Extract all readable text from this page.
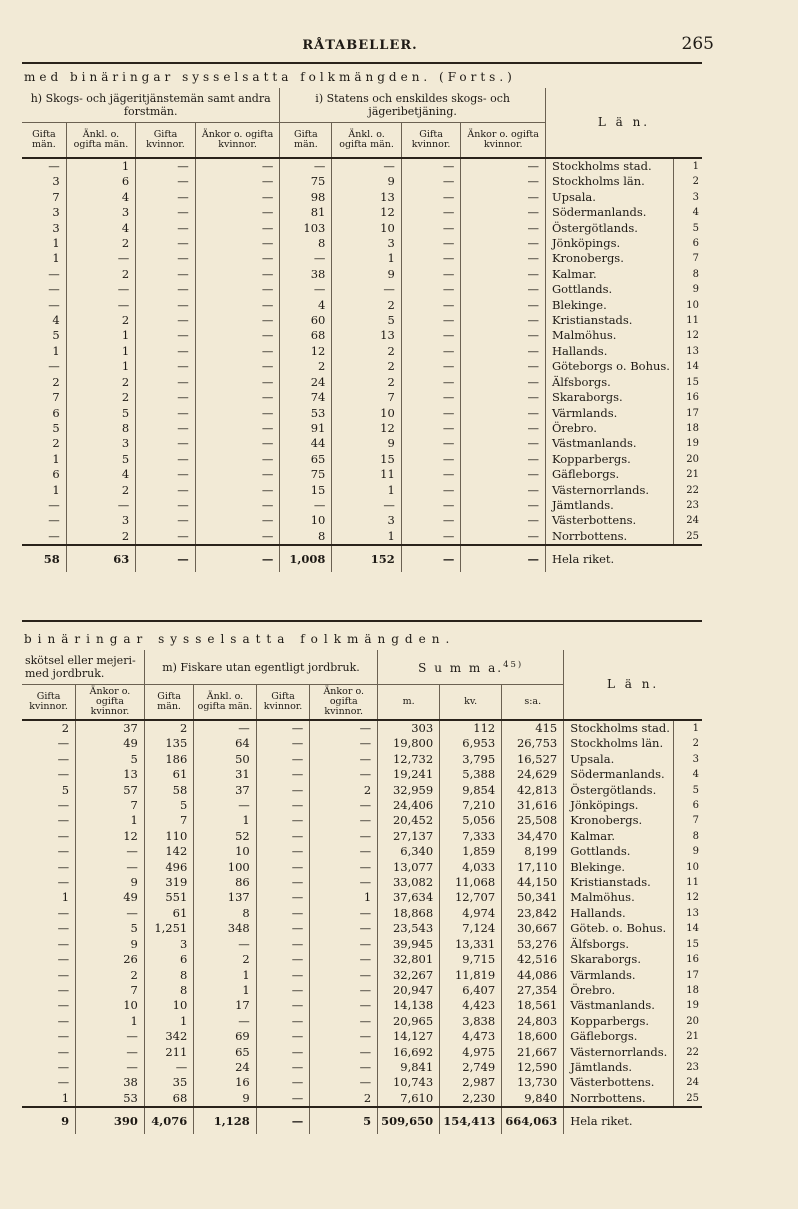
RÅTABELLER.	265
med binäringar sysselsatta folkmängden. (Forts.)
h) Skogs- och jägeritjänstemän samt andra forstmän.				i) Statens och enskildes skogs- och jägeribetjäning.				L ä n.	
Gifta män.	Änkl. o. ogifta män.	Gifta kvinnor.	Änkor o. ogifta kvinnor.	Gifta män.	Änkl. o. ogifta män.	Gifta kvinnor.	Änkor o. ogifta kvinnor.		
—	1	—	—	—	—	—	—	Stockholms stad.	1
3	6	—	—	75	9	—	—	Stockholms län.	2
7	4	—	—	98	13	—	—	Upsala.	3
3	3	—	—	81	12	—	—	Södermanlands.	4
3	4	—	—	103	10	—	—	Östergötlands.	5
1	2	—	—	8	3	—	—	Jönköpings.	6
1	—	—	—	—	1	—	—	Kronobergs.	7
—	2	—	—	38	9	—	—	Kalmar.	8
—	—	—	—	—	—	—	—	Gottlands.	9
—	—	—	—	4	2	—	—	Blekinge.	10
4	2	—	—	60	5	—	—	Kristianstads.	11
5	1	—	—	68	13	—	—	Malmöhus.	12
1	1	—	—	12	2	—	—	Hallands.	13
—	1	—	—	2	2	—	—	Göteborgs o. Bohus.	14
2	2	—	—	24	2	—	—	Älfsborgs.	15
7	2	—	—	74	7	—	—	Skaraborgs.	16
6	5	—	—	53	10	—	—	Värmlands.	17
5	8	—	—	91	12	—	—	Örebro.	18
2	3	—	—	44	9	—	—	Västmanlands.	19
1	5	—	—	65	15	—	—	Kopparbergs.	20
6	4	—	—	75	11	—	—	Gäfleborgs.	21
1	2	—	—	15	1	—	—	Västernorrlands.	22
—	—	—	—	—	—	—	—	Jämtlands.	23
—	3	—	—	10	3	—	—	Västerbottens.	24
—	2	—	—	8	1	—	—	Norrbottens.	25
58	63	—	—	1,008	152	—	—	Hela riket.	
binäringar sysselsatta folkmängden.
skötsel eller mejeri-med jordbruk.		m) Fiskare utan egentligt jordbruk.				S u m m a.$^{45)}$			L ä n.	
Gifta kvinnor.	Änkor o. ogifta kvinnor.	Gifta män.	Änkl. o. ogifta män.	Gifta kvinnor.	Änkor o. ogifta kvinnor.	m.	kv.	s:a.		
2	37	2	—	—	—	303	112	415	Stockholms stad.	1
—	49	135	64	—	—	19,800	6,953	26,753	Stockholms län.	2
—	5	186	50	—	—	12,732	3,795	16,527	Upsala.	3
—	13	61	31	—	—	19,241	5,388	24,629	Södermanlands.	4
5	57	58	37	—	2	32,959	9,854	42,813	Östergötlands.	5
—	7	5	—	—	—	24,406	7,210	31,616	Jönköpings.	6
—	1	7	1	—	—	20,452	5,056	25,508	Kronobergs.	7
—	12	110	52	—	—	27,137	7,333	34,470	Kalmar.	8
—	—	142	10	—	—	6,340	1,859	8,199	Gottlands.	9
—	—	496	100	—	—	13,077	4,033	17,110	Blekinge.	10
—	9	319	86	—	—	33,082	11,068	44,150	Kristianstads.	11
1	49	551	137	—	1	37,634	12,707	50,341	Malmöhus.	12
—	—	61	8	—	—	18,868	4,974	23,842	Hallands.	13
—	5	1,251	348	—	—	23,543	7,124	30,667	Göteb. o. Bohus.	14
—	9	3	—	—	—	39,945	13,331	53,276	Älfsborgs.	15
—	26	6	2	—	—	32,801	9,715	42,516	Skaraborgs.	16
—	2	8	1	—	—	32,267	11,819	44,086	Värmlands.	17
—	7	8	1	—	—	20,947	6,407	27,354	Örebro.	18
—	10	10	17	—	—	14,138	4,423	18,561	Västmanlands.	19
—	1	1	—	—	—	20,965	3,838	24,803	Kopparbergs.	20
—	—	342	69	—	—	14,127	4,473	18,600	Gäfleborgs.	21
—	—	211	65	—	—	16,692	4,975	21,667	Västernorrlands.	22
—	—	—	24	—	—	9,841	2,749	12,590	Jämtlands.	23
—	38	35	16	—	—	10,743	2,987	13,730	Västerbottens.	24
1	53	68	9	—	2	7,610	2,230	9,840	Norrbottens.	25
9	390	4,076	1,128	—	5	509,650	154,413	664,063	Hela riket.	
